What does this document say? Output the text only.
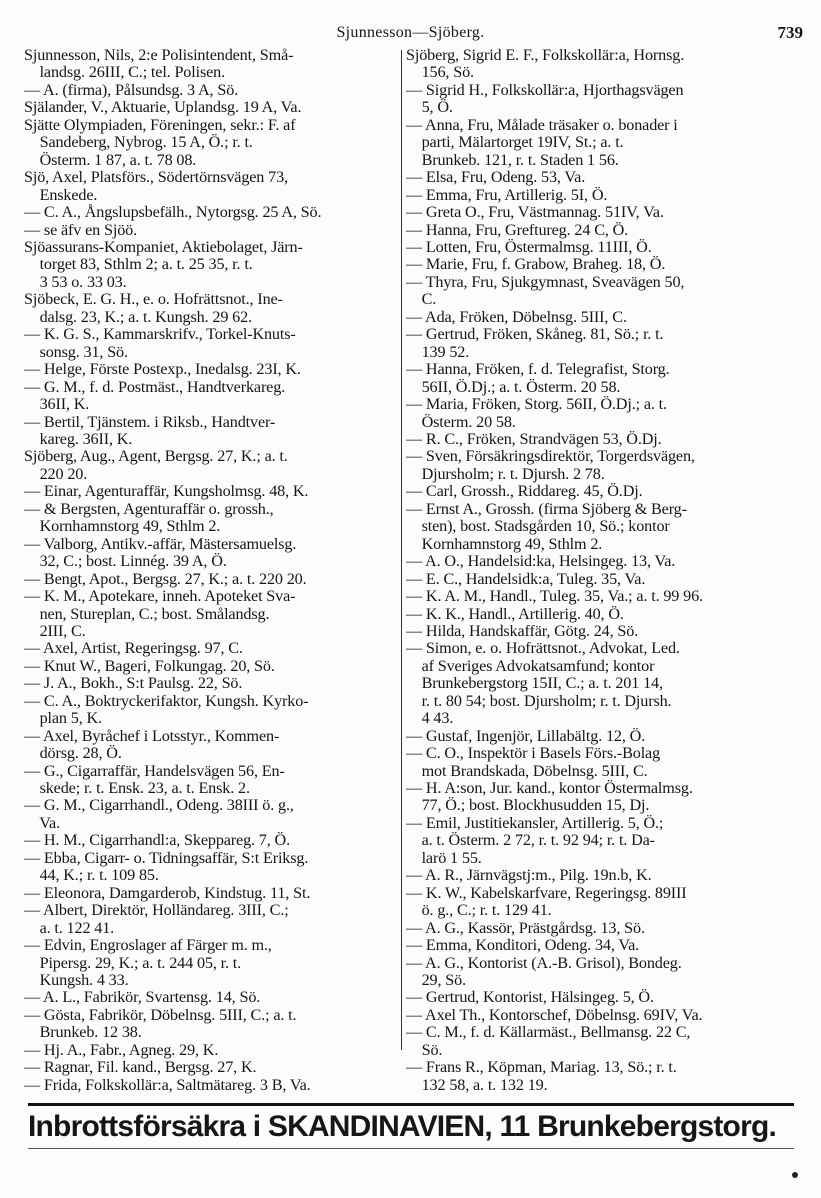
Sjunnesson—Sjöberg.	739
Sjunnesson, Nils, 2:e Polisintendent, Små-
landsg. 26III, C.; tel. Polisen.
— A. (firma), Pålsundsg. 3 A, Sö.
Själander, V., Aktuarie, Uplandsg. 19 A, Va.
Sjätte Olympiaden, Föreningen, sekr.: F. af
Sandeberg, Nybrog. 15 A, Ö.; r. t.
Österm. 1 87, a. t. 78 08.
Sjö, Axel, Platsförs., Södertörnsvägen 73,
Enskede.
— C. A., Ångslupsbefälh., Nytorgsg. 25 A, Sö.
— se äfv en Sjöö.
Sjöassurans-Kompaniet, Aktiebolaget, Järn-
torget 83, Sthlm 2; a. t. 25 35, r. t.
3 53 o. 33 03.
Sjöbeck, E. G. H., e. o. Hofrättsnot., Ine-
dalsg. 23, K.; a. t. Kungsh. 29 62.
— K. G. S., Kammarskrifv., Torkel-Knuts-
sonsg. 31, Sö.
— Helge, Förste Postexp., Inedalsg. 23I, K.
— G. M., f. d. Postmäst., Handtverkareg.
36II, K.
— Bertil, Tjänstem. i Riksb., Handtver-
kareg. 36II, K.
Sjöberg, Aug., Agent, Bergsg. 27, K.; a. t.
220 20.
— Einar, Agenturaffär, Kungsholmsg. 48, K.
— & Bergsten, Agenturaffär o. grossh.,
Kornhamnstorg 49, Sthlm 2.
— Valborg, Antikv.-affär, Mästersamuelsg.
32, C.; bost. Linnég. 39 A, Ö.
— Bengt, Apot., Bergsg. 27, K.; a. t. 220 20.
— K. M., Apotekare, inneh. Apoteket Sva-
nen, Stureplan, C.; bost. Smålandsg.
2III, C.
— Axel, Artist, Regeringsg. 97, C.
— Knut W., Bageri, Folkungag. 20, Sö.
— J. A., Bokh., S:t Paulsg. 22, Sö.
— C. A., Boktryckerifaktor, Kungsh. Kyrko-
plan 5, K.
— Axel, Byråchef i Lotsstyr., Kommen-
dörsg. 28, Ö.
— G., Cigarraffär, Handelsvägen 56, En-
skede; r. t. Ensk. 23, a. t. Ensk. 2.
— G. M., Cigarrhandl., Odeng. 38III ö. g.,
Va.
— H. M., Cigarrhandl:a, Skeppareg. 7, Ö.
— Ebba, Cigarr- o. Tidningsaffär, S:t Eriksg.
44, K.; r. t. 109 85.
— Eleonora, Damgarderob, Kindstug. 11, St.
— Albert, Direktör, Holländareg. 3III, C.;
a. t. 122 41.
— Edvin, Engroslager af Färger m. m.,
Pipersg. 29, K.; a. t. 244 05, r. t.
Kungsh. 4 33.
— A. L., Fabrikör, Svartensg. 14, Sö.
— Gösta, Fabrikör, Döbelnsg. 5III, C.; a. t.
Brunkeb. 12 38.
— Hj. A., Fabr., Agneg. 29, K.
— Ragnar, Fil. kand., Bergsg. 27, K.
— Frida, Folkskollär:a, Saltmätareg. 3 B, Va.
Sjöberg, Sigrid E. F., Folkskollär:a, Hornsg.
156, Sö.
— Sigrid H., Folkskollär:a, Hjorthagsvägen
5, Ö.
— Anna, Fru, Målade träsaker o. bonader i
parti, Mälartorget 19IV, St.; a. t.
Brunkeb. 121, r. t. Staden 1 56.
— Elsa, Fru, Odeng. 53, Va.
— Emma, Fru, Artillerig. 5I, Ö.
— Greta O., Fru, Västmannag. 51IV, Va.
— Hanna, Fru, Greftureg. 24 C, Ö.
— Lotten, Fru, Östermalmsg. 11III, Ö.
— Marie, Fru, f. Grabow, Braheg. 18, Ö.
— Thyra, Fru, Sjukgymnast, Sveavägen 50,
C.
— Ada, Fröken, Döbelnsg. 5III, C.
— Gertrud, Fröken, Skåneg. 81, Sö.; r. t.
139 52.
— Hanna, Fröken, f. d. Telegrafist, Storg.
56II, Ö.Dj.; a. t. Österm. 20 58.
— Maria, Fröken, Storg. 56II, Ö.Dj.; a. t.
Österm. 20 58.
— R. C., Fröken, Strandvägen 53, Ö.Dj.
— Sven, Försäkringsdirektör, Torgerdsvägen,
Djursholm; r. t. Djursh. 2 78.
— Carl, Grossh., Riddareg. 45, Ö.Dj.
— Ernst A., Grossh. (firma Sjöberg & Berg-
sten), bost. Stadsgården 10, Sö.; kontor
Kornhamnstorg 49, Sthlm 2.
— A. O., Handelsid:ka, Helsingeg. 13, Va.
— E. C., Handelsidk:a, Tuleg. 35, Va.
— K. A. M., Handl., Tuleg. 35, Va.; a. t. 99 96.
— K. K., Handl., Artillerig. 40, Ö.
— Hilda, Handskaffär, Götg. 24, Sö.
— Simon, e. o. Hofrättsnot., Advokat, Led.
af Sveriges Advokatsamfund; kontor
Brunkebergstorg 15II, C.; a. t. 201 14,
r. t. 80 54; bost. Djursholm; r. t. Djursh.
4 43.
— Gustaf, Ingenjör, Lillabältg. 12, Ö.
— C. O., Inspektör i Basels Förs.-Bolag
mot Brandskada, Döbelnsg. 5III, C.
— H. A:son, Jur. kand., kontor Östermalmsg.
77, Ö.; bost. Blockhusudden 15, Dj.
— Emil, Justitiekansler, Artillerig. 5, Ö.;
a. t. Österm. 2 72, r. t. 92 94; r. t. Da-
larö 1 55.
— A. R., Järnvägstj:m., Pilg. 19n.b, K.
— K. W., Kabelskarfvare, Regeringsg. 89III
ö. g., C.; r. t. 129 41.
— A. G., Kassör, Prästgårdsg. 13, Sö.
— Emma, Konditori, Odeng. 34, Va.
— A. G., Kontorist (A.-B. Grisol), Bondeg.
29, Sö.
— Gertrud, Kontorist, Hälsingeg. 5, Ö.
— Axel Th., Kontorschef, Döbelnsg. 69IV, Va.
— C. M., f. d. Källarmäst., Bellmansg. 22 C,
Sö.
— Frans R., Köpman, Mariag. 13, Sö.; r. t.
132 58, a. t. 132 19.
Inbrottsförsäkra i SKANDINAVIEN, 11 Brunkebergstorg.
